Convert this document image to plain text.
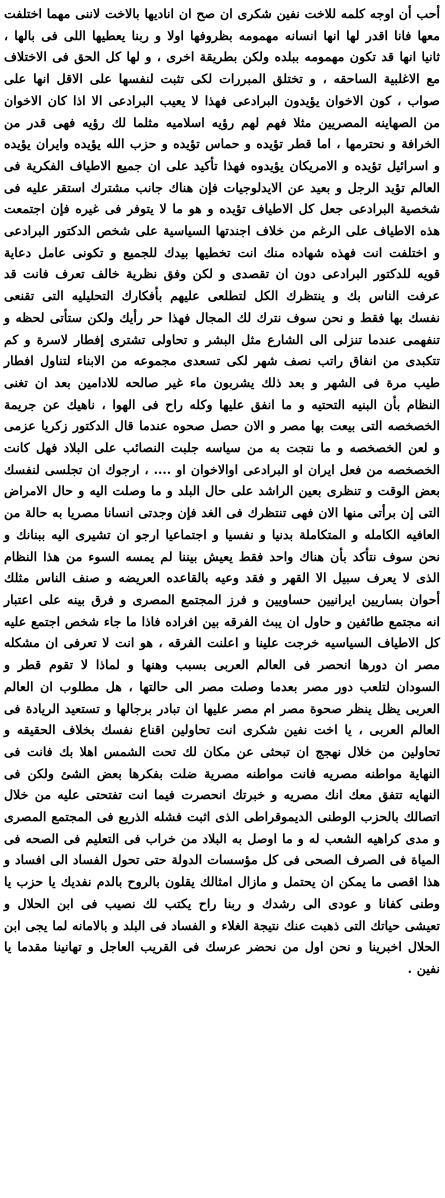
أحب أن اوجه كلمه للاخت نفين شكرى ان صح ان اناديها بالاخت لاننى مهما اختلفت معها فانا اقدر لها انها انسانه مهمومه بظروفها اولا و ربنا يعطيها اللى فى بالها ، ثانيا انها قد تكون مهمومه ببلده ولكن بطريقة اخرى ، و لها كل الحق فى الاختلاف مع الاغلبية الساحقه ، و تختلق المبررات لكى تثبت لنفسها على الاقل انها على صواب ، كون الاخوان يؤيدون البرادعى فهذا لا يعيب البرادعى الا اذا كان الاخوان من الصهاينه المصريين مثلا فهم لهم رؤيه اسلاميه مثلما لك رؤيه فهى قدر من الخرافة و نحترمها ، اما قطر تؤيده و حماس تؤيده و حزب الله يؤيده وايران يؤيده و اسرائيل تؤيده و الامريكان يؤيدوه فهذا تأكيد على ان جميع الاطياف الفكرية فى العالم تؤيد الرجل و بعيد عن الايدلوجيات فإن هناك جانب مشترك استقر عليه فى شخصية البرادعى جعل كل الاطياف تؤيده و هو ما لا يتوفر فى غيره فإن اجتمعت هذه الاطياف على الرغم من خلاف اجندتها السياسية على شخص الدكتور البرادعى و اختلفت انت فهذه شهاده منك انت تخطيها بيدك للجميع و تكونى عامل دعاية قويه للدكتور البرادعى دون ان تقصدى و لكن وفق نظرية خالف تعرف فانت قد عرفت الناس بك و ينتظرك الكل لتطلعى عليهم بأفكارك التحليليه التى تقنعى نفسك بها فقط و نحن سوف نترك لك المجال فهذا حر رأيك ولكن ستأتى لحظه و تنفهمى عندما تنزلى الى الشارع مثل البشر و تحاولى تشترى إفطار لاسرة و كم تتكبدى من انفاق راتب نصف شهر لكى تسعدى مجموعه من الابناء لتناول افطار طيب مرة فى الشهر و بعد ذلك يشربون ماء غير صالحه للادامين بعد ان تغنى النظام بأن البنيه التحتيه و ما انفق عليها وكله راح فى الهوا ، ناهيك عن جريمة الخصخصه التى بيعت بها مصر و الان حصل صحوه عندما قال الدكتور زكريا عزمى و لعن الخصخصه و ما نتجت به من سياسه جلبت النصائب على البلاد فهل كانت الخصخصه من فعل ايران او البرادعى اوالاخوان او .... ، ارجوك ان تجلسى لنفسك بعض الوقت و تنظرى بعين الراشد على حال البلد و ما وصلت اليه و حال الامراض التى إن برأتى منها الان فهى تنتظرك فى الغد فإن وجدتى انسانا مصريا به حالة من العافيه الكامله و المتكاملة بدنيا و نفسيا و اجتماعيا ارجو ان تشيرى اليه ببنانك و نحن سوف نتأكد بأن هناك واحد فقط يعيش بيننا لم يمسه السوء من هذا النظام الذى لا يعرف سبيل الا القهر و فقد وعيه بالقاعده العريضه و صنف الناس مثلك أحوان بساريين ايرانيين حساويين و فرز المجتمع المصرى و فرق بينه على اعتبار انه مجتمع طائفين و حاول ان يبث الفرقه بين افراده فاذا ما جاء شخص اجتمع عليه كل الاطياف السياسيه خرجت علينا و اعلنت الفرقه ، هو انت لا تعرفى ان مشكله مصر ان دورها انحصر فى العالم العربى بسبب وهنها و لماذا لا تقوم قطر و السودان لتلعب دور مصر بعدما وصلت مصر الى حالتها ، هل مطلوب ان العالم العربى يظل ينظر صحوة مصر ام مصر عليها ان تبادر برجالها و تستعيد الريادة فى العالم العربى ، يا اخت نفين شكرى انت تحاولين اقناع نفسك بخلاف الحقيقه و تحاولين من خلال نهجج ان تبحثى عن مكان لك تحت الشمس اهلا بك فانت فى النهاية مواطنه مصريه فانت مواطنه مصرية ضلت بفكرها بعض الشئ ولكن فى النهايه تتفق معك انك مصريه و خبرتك انحصرت فيما انت تفتحتى عليه من خلال اتصالك بالحزب الوطنى الديموقراطى الذى اثبت فشله الذريع فى المجتمع المصرى و مدى كراهيه الشعب له و ما اوصل به البلاد من خراب فى التعليم فى الصحه فى المياة فى الصرف الصحى فى كل مؤسسات الدولة حتى تحول الفساد الى افساد و هذا اقصى ما يمكن ان يحتمل و مازال امثالك يقلون بالروح بالدم نفديك يا حزب يا وطنى كفانا و عودى الى رشدك و ربنا راح يكتب لك نصيب فى ابن الحلال و تعيشى حياتك التى ذهبت عنك نتيجة الغلاء و الفساد فى البلد و بالامانه لما يجى ابن الحلال اخبرينا و نحن اول من نحضر عرسك فى القريب العاجل و تهانينا مقدما يا نفين .
